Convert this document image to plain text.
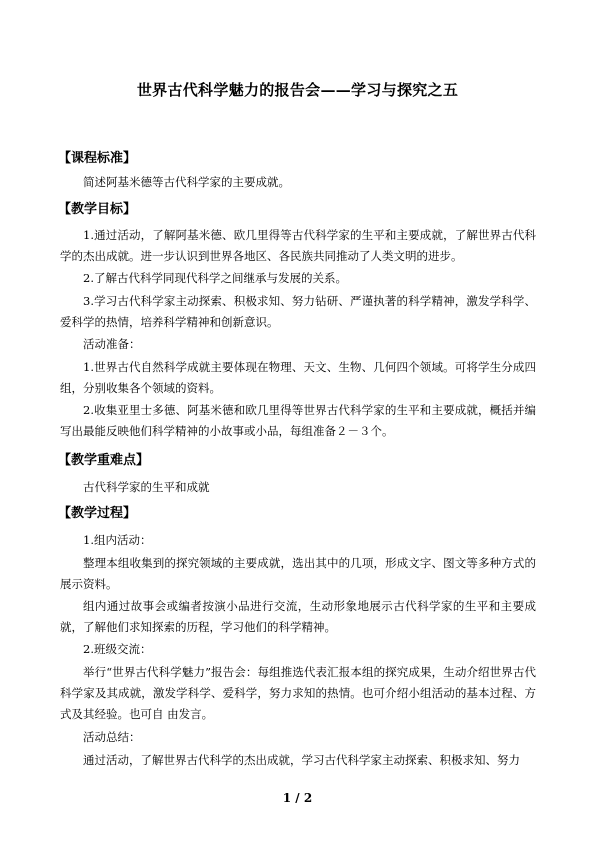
世界古代科学魅力的报告会——学习与探究之五
【课程标准】
简述阿基米德等古代科学家的主要成就。
【教学目标】
1.通过活动，了解阿基米德、欧几里得等古代科学家的生平和主要成就，了解世界古代科学的杰出成就。进一步认识到世界各地区、各民族共同推动了人类文明的进步。
2.了解古代科学同现代科学之间继承与发展的关系。
3.学习古代科学家主动探索、积极求知、努力钻研、严谨执著的科学精神，激发学科学、爱科学的热情，培养科学精神和创新意识。
活动准备：
1.世界古代自然科学成就主要体现在物理、天文、生物、几何四个领域。可将学生分成四组，分别收集各个领域的资料。
2.收集亚里士多德、阿基米德和欧几里得等世界古代科学家的生平和主要成就，概括并编写出最能反映他们科学精神的小故事或小品，每组准备２－３个。
【教学重难点】
古代科学家的生平和成就
【教学过程】
1.组内活动：
整理本组收集到的探究领域的主要成就，选出其中的几项，形成文字、图文等多种方式的展示资料。
组内通过故事会或编者按演小品进行交流，生动形象地展示古代科学家的生平和主要成就，了解他们求知探索的历程，学习他们的科学精神。
2.班级交流：
举行“世界古代科学魅力”报告会：每组推选代表汇报本组的探究成果，生动介绍世界古代科学家及其成就，激发学科学、爱科学，努力求知的热情。也可介绍小组活动的基本过程、方式及其经验。也可自 由发言。
活动总结：
通过活动，了解世界古代科学的杰出成就，学习古代科学家主动探索、积极求知、努力
1 / 2
